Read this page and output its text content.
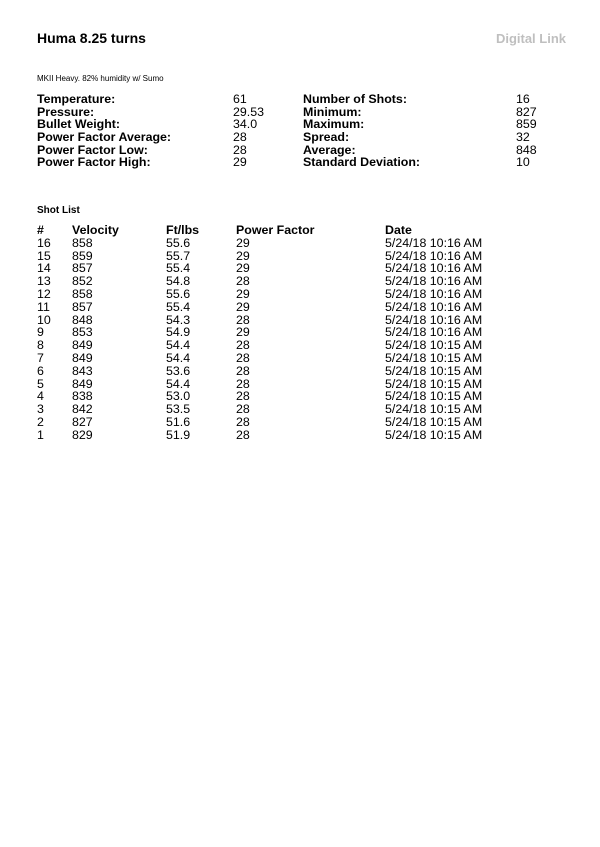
Huma 8.25 turns	Digital Link
MKII Heavy. 82% humidity w/ Sumo
Temperature:	61	Number of Shots:	16
Pressure:	29.53	Minimum:	827
Bullet Weight:	34.0	Maximum:	859
Power Factor Average:	28	Spread:	32
Power Factor Low:	28	Average:	848
Power Factor High:	29	Standard Deviation:	10
Shot List
#	Velocity	Ft/lbs	Power Factor	Date
16	858	55.6	29	5/24/18 10:16 AM
15	859	55.7	29	5/24/18 10:16 AM
14	857	55.4	29	5/24/18 10:16 AM
13	852	54.8	28	5/24/18 10:16 AM
12	858	55.6	29	5/24/18 10:16 AM
11	857	55.4	29	5/24/18 10:16 AM
10	848	54.3	28	5/24/18 10:16 AM
9	853	54.9	29	5/24/18 10:16 AM
8	849	54.4	28	5/24/18 10:15 AM
7	849	54.4	28	5/24/18 10:15 AM
6	843	53.6	28	5/24/18 10:15 AM
5	849	54.4	28	5/24/18 10:15 AM
4	838	53.0	28	5/24/18 10:15 AM
3	842	53.5	28	5/24/18 10:15 AM
2	827	51.6	28	5/24/18 10:15 AM
1	829	51.9	28	5/24/18 10:15 AM
